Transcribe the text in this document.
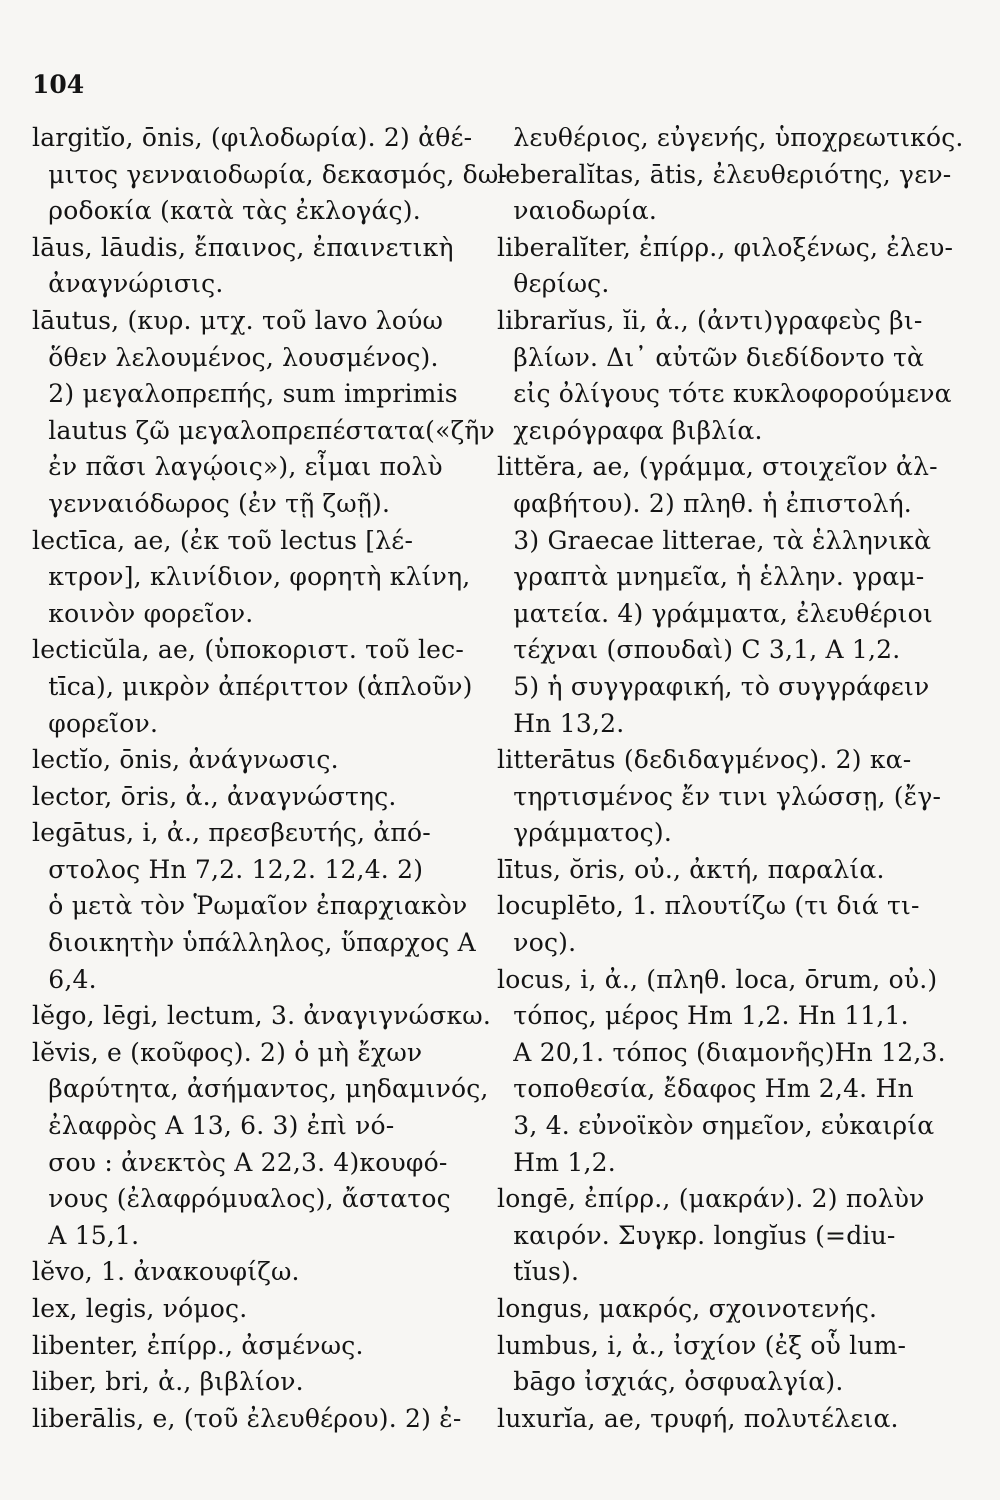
104
largitĭo, ōnis, (φιλοδωρία). 2) ἀθέ-
μιτος γενναιοδωρία, δεκασμός, δω-
ροδοκία (κατὰ τὰς ἐκλογάς).
lāus, lāudis, ἔπαινος, ἐπαινετικὴ
ἀναγνώρισις.
lāutus, (κυρ. μτχ. τοῦ lavo λούω
ὅθεν λελουμένος, λουσμένος).
2) μεγαλοπρεπής, sum imprimis
lautus ζῶ μεγαλοπρεπέστατα(«ζῆν
ἐν πᾶσι λαγῴοις»), εἶμαι πολὺ
γενναιόδωρος (ἐν τῇ ζωῇ).
lectīca, ae, (ἐκ τοῦ lectus [λέ-
κτρον], κλινίδιον, φορητὴ κλίνη,
κοινὸν φορεῖον.
lecticŭla, ae, (ὑποκοριστ. τοῦ lec-
tīca), μικρὸν ἀπέριττον (ἁπλοῦν)
φορεῖον.
lectĭo, ōnis, ἀνάγνωσις.
lector, ōris, ἀ., ἀναγνώστης.
legātus, i, ἀ., πρεσβευτής, ἀπό-
στολος Hn 7,2. 12,2. 12,4. 2)
ὁ μετὰ τὸν Ῥωμαῖον ἐπαρχιακὸν
διοικητὴν ὑπάλληλος, ὕπαρχος A
6,4.
lĕgo, lēgi, lectum, 3. ἀναγιγνώσκω.
lĕvis, e (κοῦφος). 2) ὁ μὴ ἔχων
βαρύτητα, ἀσήμαντος, μηδαμινός,
ἐλαφρὸς A 13, 6. 3) ἐπὶ νό-
σου : ἀνεκτὸς A 22,3. 4)κουφό-
νους (ἐλαφρόμυαλος), ἄστατος
A 15,1.
lĕvo, 1. ἀνακουφίζω.
lex, legis, νόμος.
libenter, ἐπίρρ., ἀσμένως.
liber, bri, ἀ., βιβλίον.
liberālis, e, (τοῦ ἐλευθέρου). 2) ἐ-
λευθέριος, εὐγενής, ὑποχρεωτικός.
leberalĭtas, ātis, ἐλευθεριότης, γεν-
ναιοδωρία.
liberalĭter, ἐπίρρ., φιλοξένως, ἐλευ-
θερίως.
librarĭus, ĭi, ἀ., (ἀντι)γραφεὺς βι-
βλίων. Δι᾽ αὐτῶν διεδίδοντο τὰ
εἰς ὀλίγους τότε κυκλοφορούμενα
χειρόγραφα βιβλία.
littĕra, ae, (γράμμα, στοιχεῖον ἀλ-
φαβήτου). 2) πληθ. ἡ ἐπιστολή.
3) Graecae litterae, τὰ ἑλληνικὰ
γραπτὰ μνημεῖα, ἡ ἑλλην. γραμ-
ματεία. 4) γράμματα, ἐλευθέριοι
τέχναι (σπουδαὶ) C 3,1, A 1,2.
5) ἡ συγγραφική, τὸ συγγράφειν
Hn 13,2.
litterātus (δεδιδαγμένος). 2) κα-
τηρτισμένος ἔν τινι γλώσσῃ, (ἔγ-
γράμματος).
lītus, ŏris, οὐ., ἀκτή, παραλία.
locuplēto, 1. πλουτίζω (τι διά τι-
νος).
locus, i, ἀ., (πληθ. loca, ōrum, οὐ.)
τόπος, μέρος Hm 1,2. Hn 11,1.
A 20,1. τόπος (διαμονῆς)Hn 12,3.
τοποθεσία, ἔδαφος Hm 2,4. Hn
3, 4. εὐνοϊκὸν σημεῖον, εὐκαιρία
Hm 1,2.
longē, ἐπίρρ., (μακράν). 2) πολὺν
καιρόν. Συγκρ. longĭus (=diu-
tĭus).
longus, μακρός, σχοινοτενής.
lumbus, i, ἀ., ἰσχίον (ἐξ οὗ lum-
bāgo ἰσχιάς, ὀσφυαλγία).
luxurĭa, ae, τρυφή, πολυτέλεια.
